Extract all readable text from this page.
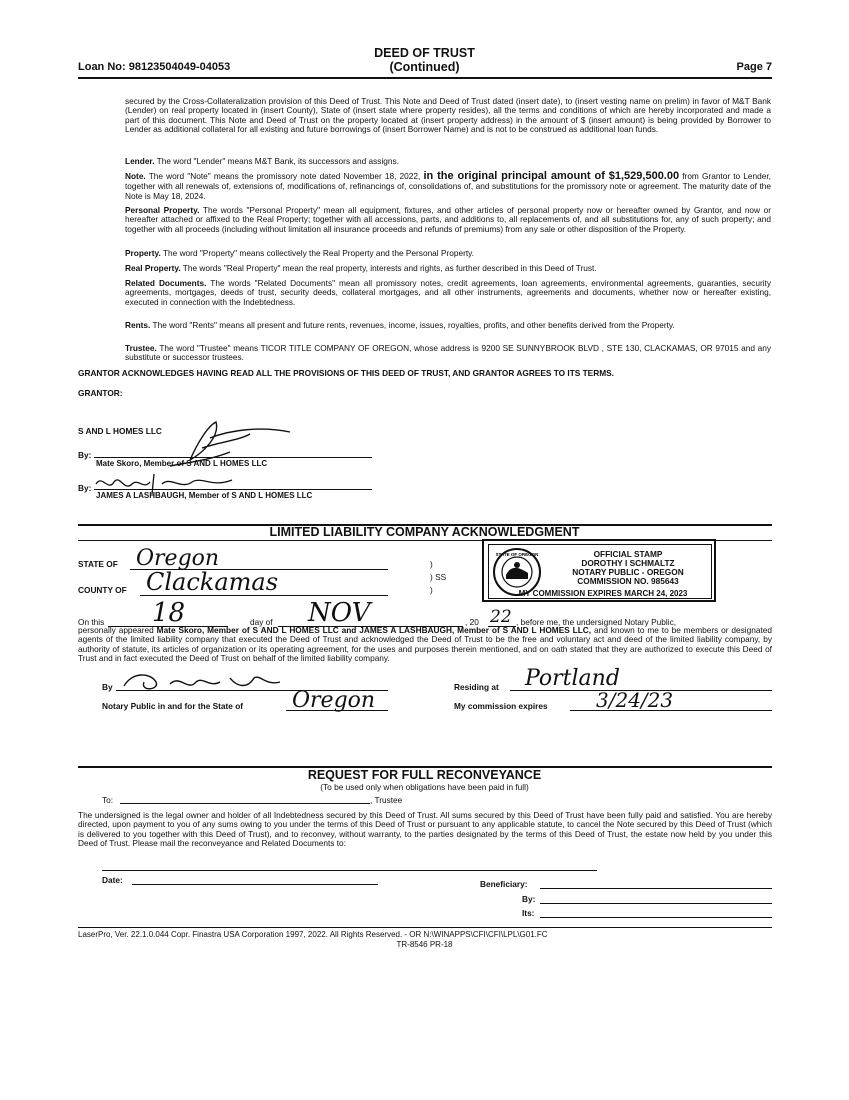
Loan No: 98123504049-04053
DEED OF TRUST
(Continued)	Page 7
secured by the Cross-Collateralization provision of this Deed of Trust. This Note and Deed of Trust dated (insert date), to (insert vesting name on prelim) in favor of M&T Bank (Lender) on real property located in (insert County), State of (insert state where property resides), all the terms and conditions of which are hereby incorporated and made a part of this document. This Note and Deed of Trust on the property located at (insert property address) in the amount of $ (insert amount) is being provided by Borrower to Lender as additional collateral for all existing and future borrowings of (insert Borrower Name) and is not to be construed as additional loan funds.
Lender. The word "Lender" means M&T Bank, its successors and assigns.
Note. The word "Note" means the promissory note dated November 18, 2022, in the original principal amount of $1,529,500.00 from Grantor to Lender, together with all renewals of, extensions of, modifications of, refinancings of, consolidations of, and substitutions for the promissory note or agreement. The maturity date of the Note is May 18, 2024.
Personal Property. The words "Personal Property" mean all equipment, fixtures, and other articles of personal property now or hereafter owned by Grantor, and now or hereafter attached or affixed to the Real Property; together with all accessions, parts, and additions to, all replacements of, and all substitutions for, any of such property; and together with all proceeds (including without limitation all insurance proceeds and refunds of premiums) from any sale or other disposition of the Property.
Property. The word "Property" means collectively the Real Property and the Personal Property.
Real Property. The words "Real Property" mean the real property, interests and rights, as further described in this Deed of Trust.
Related Documents. The words "Related Documents" mean all promissory notes, credit agreements, loan agreements, environmental agreements, guaranties, security agreements, mortgages, deeds of trust, security deeds, collateral mortgages, and all other instruments, agreements and documents, whether now or hereafter existing, executed in connection with the Indebtedness.
Rents. The word "Rents" means all present and future rents, revenues, income, issues, royalties, profits, and other benefits derived from the Property.
Trustee. The word "Trustee" means TICOR TITLE COMPANY OF OREGON, whose address is 9200 SE SUNNYBROOK BLVD , STE 130, CLACKAMAS, OR 97015 and any substitute or successor trustees.
GRANTOR ACKNOWLEDGES HAVING READ ALL THE PROVISIONS OF THIS DEED OF TRUST, AND GRANTOR AGREES TO ITS TERMS.
GRANTOR:
S AND L HOMES LLC
By:
Mate Skoro, Member of S AND L HOMES LLC
By:
JAMES A LASHBAUGH, Member of S AND L HOMES LLC
LIMITED LIABILITY COMPANY ACKNOWLEDGMENT
STATE OF Oregon	)
) SS
)
COUNTY OF Clackamas
STATE OF OREGON	OFFICIAL STAMP
DOROTHY I SCHMALTZ
NOTARY PUBLIC - OREGON
COMMISSION NO. 985643
MY COMMISSION EXPIRES MARCH 24, 2023
On this 18	day of NOV	, 20 22 , before me, the undersigned Notary Public,
personally appeared Mate Skoro, Member of S AND L HOMES LLC and JAMES A LASHBAUGH, Member of S AND L HOMES LLC, and known to me to be members or designated agents of the limited liability company that executed the Deed of Trust and acknowledged the Deed of Trust to be the free and voluntary act and deed of the limited liability company, by authority of statute, its articles of organization or its operating agreement, for the uses and purposes therein mentioned, and on oath stated that they are authorized to execute this Deed of Trust and in fact executed the Deed of Trust on behalf of the limited liability company.
By	Residing at Portland
Notary Public in and for the State of Oregon	My commission expires 3/24/23
REQUEST FOR FULL RECONVEYANCE
(To be used only when obligations have been paid in full)
To:	, Trustee
The undersigned is the legal owner and holder of all Indebtedness secured by this Deed of Trust. All sums secured by this Deed of Trust have been fully paid and satisfied. You are hereby directed, upon payment to you of any sums owing to you under the terms of this Deed of Trust or pursuant to any applicable statute, to cancel the Note secured by this Deed of Trust (which is delivered to you together with this Deed of Trust), and to reconvey, without warranty, to the parties designated by the terms of this Deed of Trust, the estate now held by you under this Deed of Trust. Please mail the reconveyance and Related Documents to:
Date:	Beneficiary:
By:
Its:
LaserPro, Ver. 22.1.0.044 Copr. Finastra USA Corporation 1997, 2022. All Rights Reserved. - OR N:\WINAPPS\CFI\CFI\LPL\G01.FC
TR-8546 PR-18
